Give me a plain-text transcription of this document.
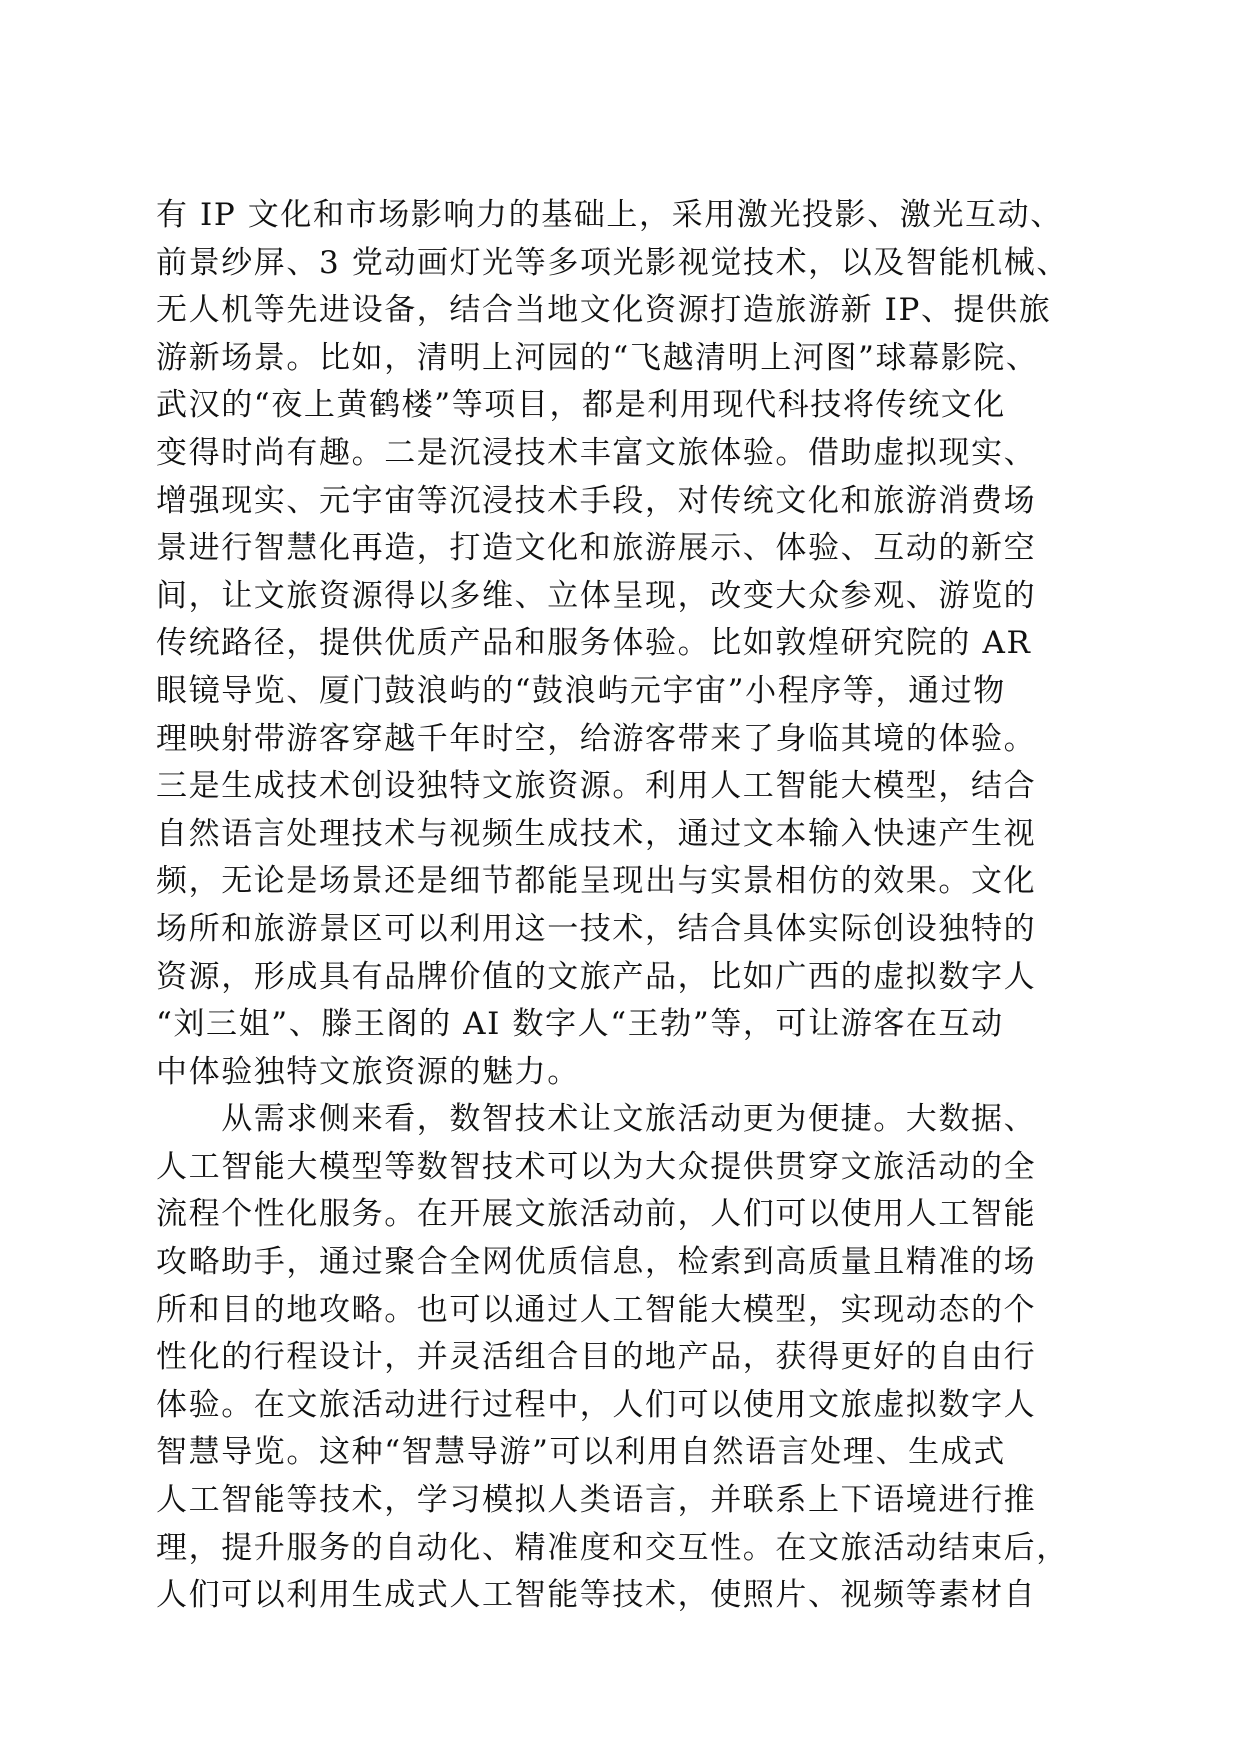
有 IP 文化和市场影响力的基础上，采用激光投影、激光互动、
前景纱屏、3 党动画灯光等多项光影视觉技术，以及智能机械、
无人机等先进设备，结合当地文化资源打造旅游新 IP、提供旅
游新场景。比如，清明上河园的“飞越清明上河图”球幕影院、
武汉的“夜上黄鹤楼”等项目，都是利用现代科技将传统文化
变得时尚有趣。二是沉浸技术丰富文旅体验。借助虚拟现实、
增强现实、元宇宙等沉浸技术手段，对传统文化和旅游消费场
景进行智慧化再造，打造文化和旅游展示、体验、互动的新空
间，让文旅资源得以多维、立体呈现，改变大众参观、游览的
传统路径，提供优质产品和服务体验。比如敦煌研究院的 AR
眼镜导览、厦门鼓浪屿的“鼓浪屿元宇宙”小程序等，通过物
理映射带游客穿越千年时空，给游客带来了身临其境的体验。
三是生成技术创设独特文旅资源。利用人工智能大模型，结合
自然语言处理技术与视频生成技术，通过文本输入快速产生视
频，无论是场景还是细节都能呈现出与实景相仿的效果。文化
场所和旅游景区可以利用这一技术，结合具体实际创设独特的
资源，形成具有品牌价值的文旅产品，比如广西的虚拟数字人
“刘三姐”、滕王阁的 AI 数字人“王勃”等，可让游客在互动
中体验独特文旅资源的魅力。
　　从需求侧来看，数智技术让文旅活动更为便捷。大数据、
人工智能大模型等数智技术可以为大众提供贯穿文旅活动的全
流程个性化服务。在开展文旅活动前，人们可以使用人工智能
攻略助手，通过聚合全网优质信息，检索到高质量且精准的场
所和目的地攻略。也可以通过人工智能大模型，实现动态的个
性化的行程设计，并灵活组合目的地产品，获得更好的自由行
体验。在文旅活动进行过程中，人们可以使用文旅虚拟数字人
智慧导览。这种“智慧导游”可以利用自然语言处理、生成式
人工智能等技术，学习模拟人类语言，并联系上下语境进行推
理，提升服务的自动化、精准度和交互性。在文旅活动结束后，
人们可以利用生成式人工智能等技术，使照片、视频等素材自
